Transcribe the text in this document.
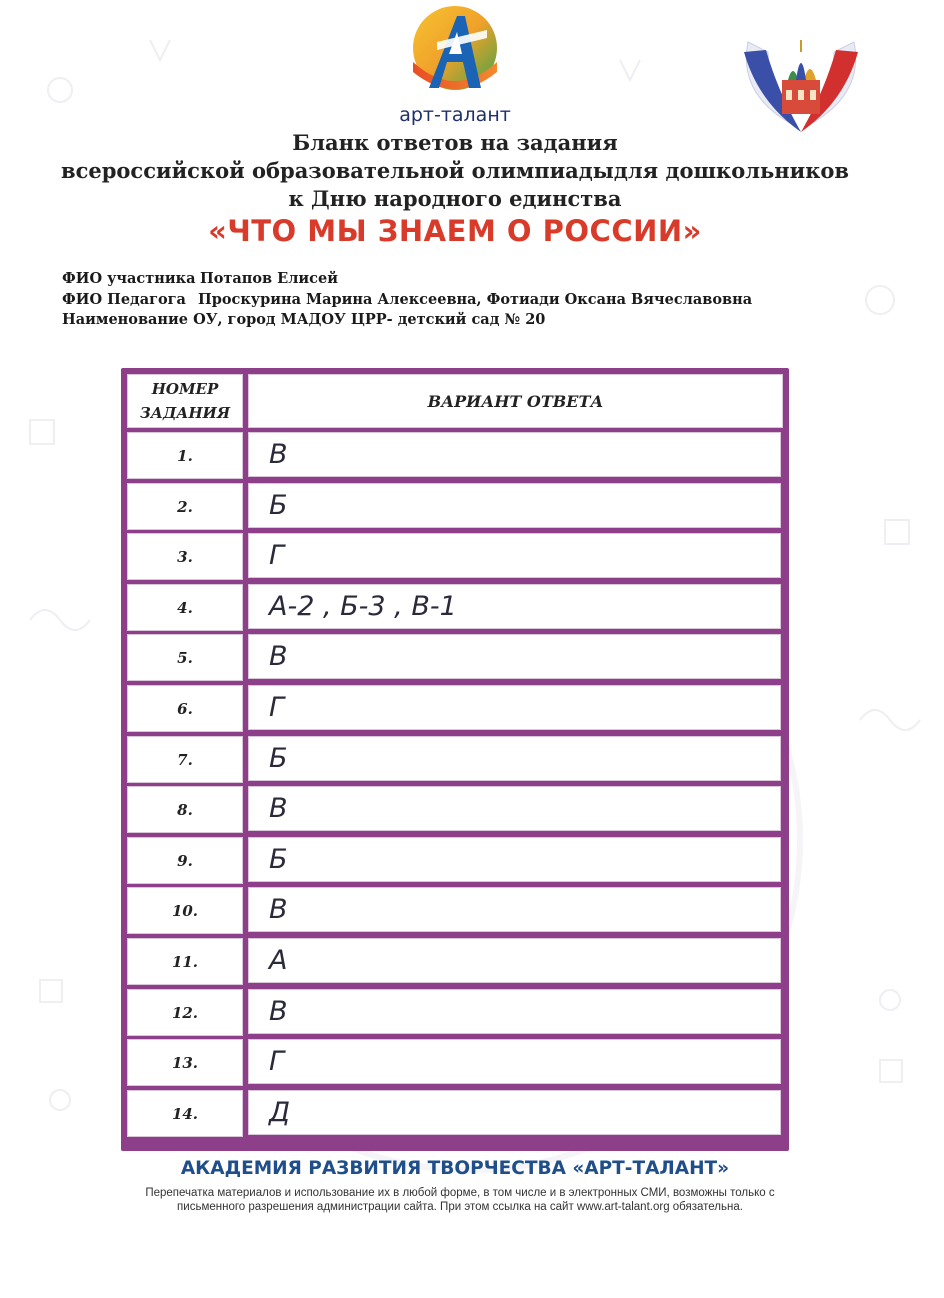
арт-талант
Бланк ответов на задания
всероссийской образовательной олимпиадыдля дошкольников
к Дню народного единства
«ЧТО МЫ ЗНАЕМ О РОССИИ»
ФИО участника Потапов Елисей
ФИО Педагога Проскурина Марина Алексеевна, Фотиади Оксана Вячеславовна
Наименование ОУ, город МАДОУ ЦРР- детский сад № 20
НОМЕР ЗАДАНИЯ
ВАРИАНТ ОТВЕТА
1.	В
2.	Б
3.	Г
4.	А-2 , Б-3 , В-1
5.	В
6.	Г
7.	Б
8.	В
9.	Б
10.	В
11.	А
12.	В
13.	Г
14.	Д
АКАДЕМИЯ РАЗВИТИЯ ТВОРЧЕСТВА «АРТ-ТАЛАНТ»
Перепечатка материалов и использование их в любой форме, в том числе и в электронных СМИ, возможны только с
письменного разрешения администрации сайта. При этом ссылка на сайт www.art-talant.org обязательна.
